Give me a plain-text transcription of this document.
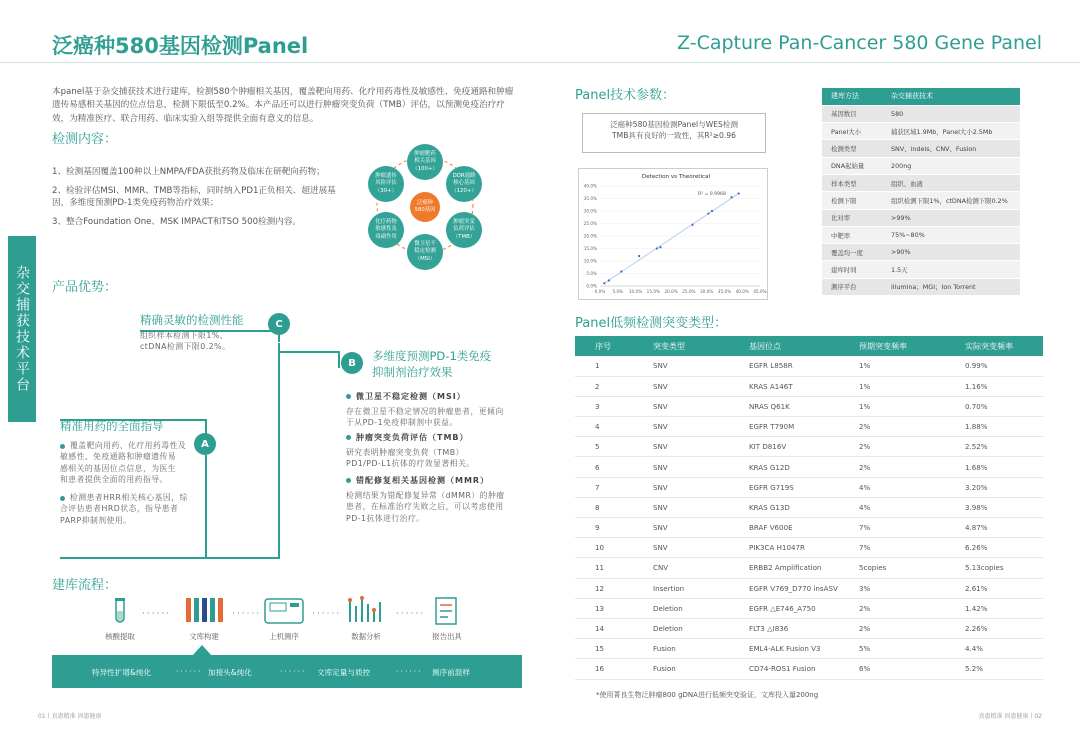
泛癌种580基因检测Panel	Z-Capture Pan-Cancer 580 Gene Panel
本panel基于杂交捕获技术进行建库，检测580个肿瘤相关基因，覆盖靶向用药、化疗用药毒性及敏感性、免疫通路和肿瘤遗传易感相关基因的位点信息，检测下限低至0.2%。本产品还可以进行肿瘤突变负荷（TMB）评估，以预测免疫治疗疗效，为精准医疗、联合用药、临床实验入组等提供全面有意义的信息。
检测内容：

1、检测基因覆盖100种以上NMPA/FDA获批药物及临床在研靶向药物；

2、检验评估MSI、MMR、TMB等指标，同时纳入PD1正负相关、超进展基因，多维度预测PD-1类免疫药物治疗效果；

3、整合Foundation One、MSK IMPACT和TSO 500检测内容。

肿瘤靶药
相关基因
（100+）
DDR通路
核心基因
（120+）
肿瘤突变
负荷评估
（TMB）
微卫星不
稳定检测
（MSI）
化疗药物
敏感性及
毒副作用
肿瘤遗传
风险评估
（30+）
泛癌种
580基因
杂交捕获技术平台	产品优势：
C
精确灵敏的检测性能
组织样本检测下限1%、
ctDNA检测下限0.2%。
B	多维度预测PD-1类免疫
抑制剂治疗效果
微卫星不稳定检测（MSI）
存在微卫星不稳定情况的肿瘤患者，更倾向
于从PD-1免疫抑制剂中获益。
肿瘤突变负荷评估（TMB）
研究表明肿瘤突变负荷（TMB）
PD1/PD-L1抗体的疗效显著相关。
错配修复相关基因检测（MMR）
检测结果为错配修复异常（dMMR）的肿瘤
患者，在标准治疗失败之后，可以考虑使用
PD-1抗体进行治疗。
A
精准用药的全面指导
覆盖靶向用药、化疗用药毒性及
敏感性、免疫通路和肿瘤遗传易
感相关的基因位点信息，为医生
和患者提供全面的用药指导。
检测患者HRR相关核心基因，综
合评估患者HRD状态，指导患者
PARP抑制剂使用。
建库流程：
······	······	······	······
核酸提取	文库构建	上机测序	数据分析	报告出具
特异性扩增&纯化	······ 加接头&纯化	······ 文库定量与质控	······ 测序前混样
Panel技术参数：
泛癌种580基因检测Panel与WES检测
TMB具有良好的一致性，其R²≥0.96
Detection vs Theoretical
R² = 0.9968
0.0% 5.0% 10.0% 15.0% 20.0% 25.0% 30.0% 35.0% 40.0% 45.0%
0.0%
5.0%
10.0%
15.0%
20.0%
25.0%
30.0%
35.0%
40.0%
建库方法	杂交捕获技术
基因数目	580
Panel大小	捕获区域1.9Mb，Panel大小2.5Mb
检测类型	SNV、indels、CNV、Fusion
DNA起始量	200ng
样本类型	组织、血液
检测下限	组织检测下限1%，ctDNA检测下限0.2%
比对率	>99%
中靶率	75%~80%
覆盖均一度	>90%
建库时间	1.5天
测序平台	illumina；MGI；Ion Torrent
Panel低频检测突变类型：
序号	突变类型	基因位点	预期突变频率	实际突变频率
1	SNV	EGFR L858R	1%	0.99%
2	SNV	KRAS A146T	1%	1.16%
3	SNV	NRAS Q61K	1%	0.70%
4	SNV	EGFR T790M	2%	1.88%
5	SNV	KIT D816V	2%	2.52%
6	SNV	KRAS G12D	2%	1.68%
7	SNV	EGFR G719S	4%	3.20%
8	SNV	KRAS G13D	4%	3.98%
9	SNV	BRAF V600E	7%	4.87%
10	SNV	PIK3CA H1047R	7%	6.26%
11	CNV	ERBB2 Amplification	5copies	5.13copies
12	Insertion	EGFR V769_D770 insASV	3%	2.61%
13	Deletion	EGFR △E746_A750	2%	1.42%
14	Deletion	FLT3 △I836	2%	2.26%
15	Fusion	EML4-ALK Fusion V3	5%	4.4%
16	Fusion	CD74-ROS1 Fusion	6%	5.2%
*使用菁良生物泛肿瘤800 gDNA进行低频突变验证，文库投入量200ng
01丨真惠精准 固惠健康	真惠精准 固惠健康丨02
